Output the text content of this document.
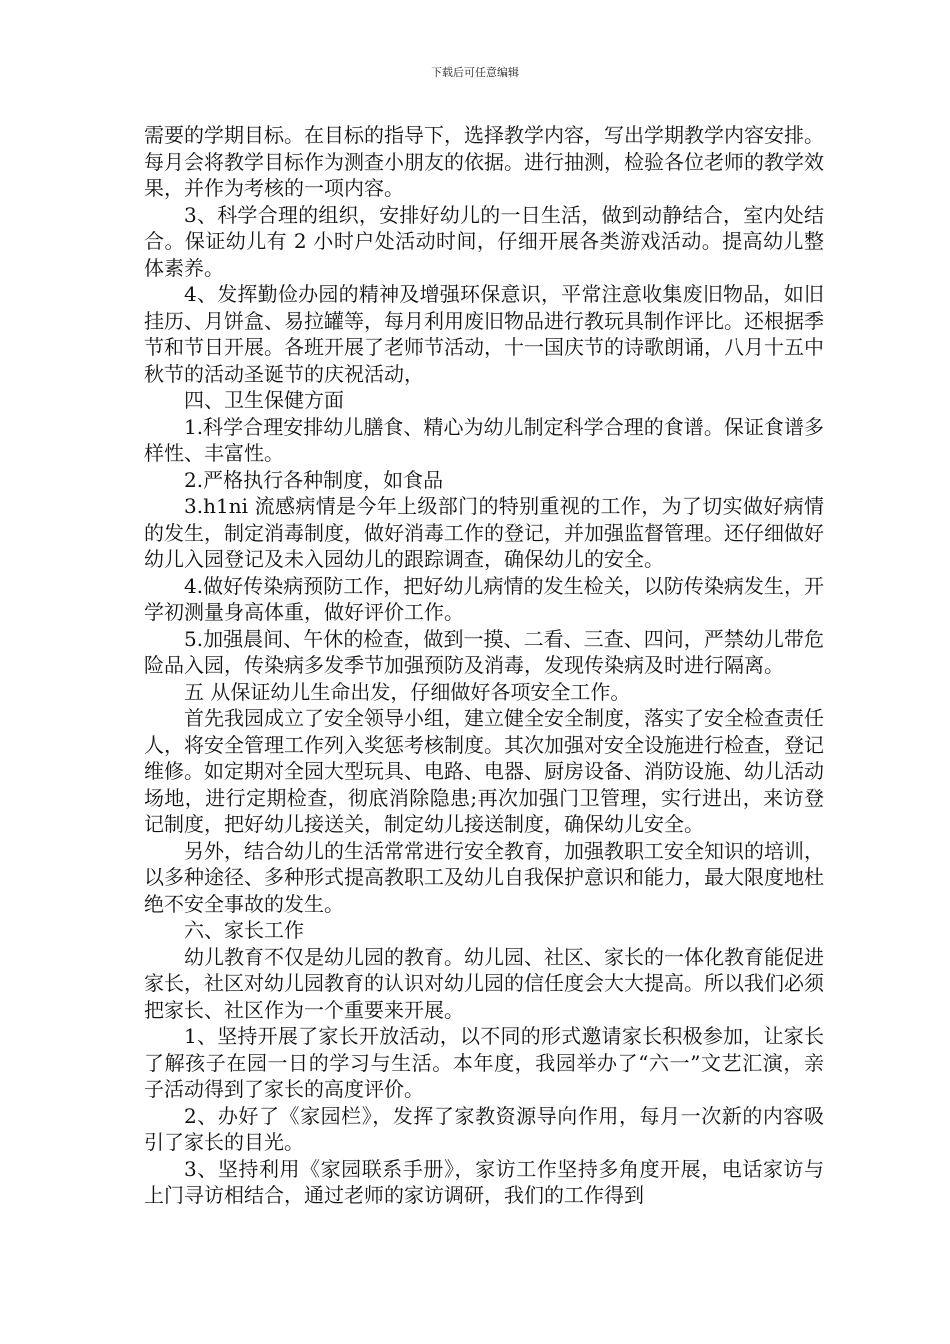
下载后可任意编辑

需要的学期目标。在目标的指导下，选择教学内容，写出学期教学内容安排。每月会将教学目标作为测查小朋友的依据。进行抽测，检验各位老师的教学效果，并作为考核的一项内容。

3、科学合理的组织，安排好幼儿的一日生活，做到动静结合，室内处结合。保证幼儿有 2 小时户处活动时间，仔细开展各类游戏活动。提高幼儿整体素养。

4、发挥勤俭办园的精神及增强环保意识，平常注意收集废旧物品，如旧挂历、月饼盒、易拉罐等，每月利用废旧物品进行教玩具制作评比。还根据季节和节日开展。各班开展了老师节活动，十一国庆节的诗歌朗诵，八月十五中秋节的活动圣诞节的庆祝活动，

四、卫生保健方面

1.科学合理安排幼儿膳食、精心为幼儿制定科学合理的食谱。保证食谱多样性、丰富性。

2.严格执行各种制度，如食品

3.h1ni 流感病情是今年上级部门的特别重视的工作，为了切实做好病情的发生，制定消毒制度，做好消毒工作的登记，并加强监督管理。还仔细做好幼儿入园登记及未入园幼儿的跟踪调查，确保幼儿的安全。

4.做好传染病预防工作，把好幼儿病情的发生检关，以防传染病发生，开学初测量身高体重，做好评价工作。

5.加强晨间、午休的检查，做到一摸、二看、三查、四问，严禁幼儿带危险品入园，传染病多发季节加强预防及消毒，发现传染病及时进行隔离。

五 从保证幼儿生命出发，仔细做好各项安全工作。

首先我园成立了安全领导小组，建立健全安全制度，落实了安全检查责任人，将安全管理工作列入奖惩考核制度。其次加强对安全设施进行检查，登记维修。如定期对全园大型玩具、电路、电器、厨房设备、消防设施、幼儿活动场地，进行定期检查，彻底消除隐患;再次加强门卫管理，实行进出，来访登记制度，把好幼儿接送关，制定幼儿接送制度，确保幼儿安全。

另外，结合幼儿的生活常常进行安全教育，加强教职工安全知识的培训，以多种途径、多种形式提高教职工及幼儿自我保护意识和能力，最大限度地杜绝不安全事故的发生。

六、家长工作

幼儿教育不仅是幼儿园的教育。幼儿园、社区、家长的一体化教育能促进家长，社区对幼儿园教育的认识对幼儿园的信任度会大大提高。所以我们必须把家长、社区作为一个重要来开展。

1、坚持开展了家长开放活动，以不同的形式邀请家长积极参加，让家长了解孩子在园一日的学习与生活。本年度，我园举办了“六一”文艺汇演，亲子活动得到了家长的高度评价。

2、办好了《家园栏》，发挥了家教资源导向作用，每月一次新的内容吸引了家长的目光。

3、坚持利用《家园联系手册》，家访工作坚持多角度开展，电话家访与上门寻访相结合，通过老师的家访调研，我们的工作得到
